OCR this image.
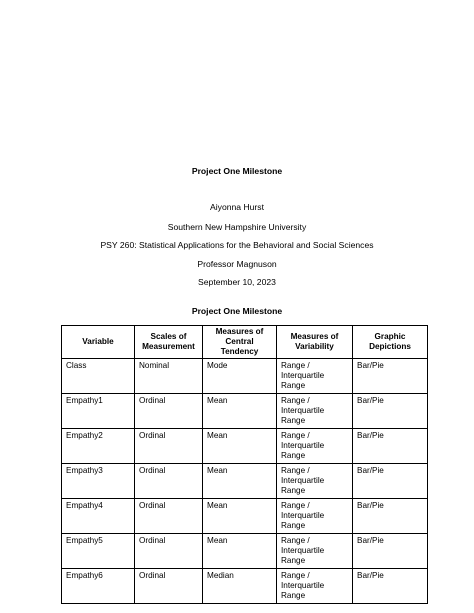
Project One Milestone
Aiyonna Hurst
Southern New Hampshire University
PSY 260: Statistical Applications for the Behavioral and Social Sciences
Professor Magnuson
September 10, 2023
Project One Milestone
Variable	Scales of Measurement	Measures of Central Tendency	Measures of Variability	Graphic Depictions
Class	Nominal	Mode	Range / Interquartile Range	Bar/Pie
Empathy1	Ordinal	Mean	Range / Interquartile Range	Bar/Pie
Empathy2	Ordinal	Mean	Range / Interquartile Range	Bar/Pie
Empathy3	Ordinal	Mean	Range / Interquartile Range	Bar/Pie
Empathy4	Ordinal	Mean	Range / Interquartile Range	Bar/Pie
Empathy5	Ordinal	Mean	Range / Interquartile Range	Bar/Pie
Empathy6	Ordinal	Median	Range / Interquartile Range	Bar/Pie
